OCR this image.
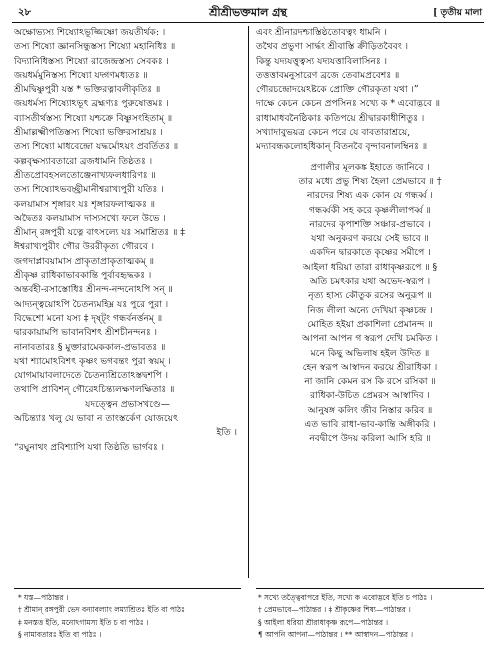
২৮	শ্রীশ্রীভক্তমাল গ্রন্থ	[ তৃতীয় মালা
অক্ষোভ্যস্য শিষ্যোঽভূজ্জিষ্ণো জয়তীর্থক: ।
তস্য শিষ্যো জ্ঞানসিন্ধুস্তস্য শিষ্যো মহানিধিঃ ॥
বিদ্যানিধিস্তস্য শিষ্যো রাজেন্দ্রস্তস্য সেবকঃ ।
জয়ধর্মমুনিস্তস্য শিষ্যো যদ্গণমধ্যতঃ ॥
শ্রীমদ্বিষ্ণুপুরী যস্ত * ভক্তিরত্নাবলীকৃতিঃ ॥
জয়ধর্মস্য শিষ্যোঽভূৎ ব্রহ্মণ্যঃ পুরুষোত্তমঃ ।
ব্যাসতীর্থস্তস্য শিষ্যো যশ্চক্রে বিষ্ণুসংহিতাম্ ॥
শ্রীমাল্লক্ষ্মীপতিস্তস্য শিষ্যো ভক্তিরসাশ্রয়ঃ ।
তস্য শিষ্যো মাধবেন্দ্রো যদ্ধর্মোঽয়ং প্রবর্তিতঃ ॥
কল্পবৃক্ষস্যাবতারো ব্রজধামনি তিষ্ঠতঃ ।
শ্রীতপ্রোবহসলতোঞ্জেনাখ্যফলধারিণঃ ॥
তস্য শিষ্যোঽভবচ্ছ্রীমানীশ্বরাখ্যপুরী যতিঃ ।
কলয়ামাস শৃঙ্গারং যঃ শৃঙ্গারফলাত্মকঃ ॥
অদ্বৈতঃ কলয়ামাস দাস্যসখ্যে ফলে উভে ।
শ্রীমান্ রঙ্গপুরী যত্নে বাৎসল্যে যঃ সমাশ্রিতঃ ॥ ‡
ঈশ্বরাখ্যপুরীং গৌর উররীকৃত্য গৌরবে ।
জগদাপ্লাবয়ামাস প্রাকৃতাপ্রাকৃতাত্মকম্ ॥
শ্রীকৃষ্ণ রাধিকাভাবকান্তি পুর্বাবহৃদ্ধকঃ ।
অন্তর্বহী-রসাস্তোধিঃ শ্রীনন্দ-নন্দনোঽপি সন্ ॥
আদ্যন্ত্বয়োঽপি চৈতন্যমহিম্ন যঃ পুরে পুরা ।
বিদ্ধেশো মনো যস্য ‡ দৃষ্ট্ং গন্ধর্বনর্ত্তনম্ ॥
দ্বারকায়ামপি ভাবানবিশৎ শ্রীশচীনন্দনঃ ।
নানাবতারঃ § মুক্তারামেককাল-প্রভাবতঃ ॥
যথা শ্যামোঽবিশৎ কৃষ্ণং ভগবন্তং পুরা স্বয়ম্ ।
যোগমায়াবলাদেতে চৈতন্যশ্রিতোঽস্তদ্বশপি ।
তথাপি প্রাবিশন্ গৌরেঽচিন্ত্যলক্ষণলক্ষিতাঃ ॥
যদত্ত্বেন প্রভাসখণ্ডে—
অচিন্ত্যাঃ খলু যে ভাবা ন তাংস্তর্কেণ যোজয়েৎ
ইতি ।
“রঘুনাথং প্রবিশ্যাপি যথা তিষ্ঠতি ভার্গবঃ ।
এবং শ্রীনারদশ্চাস্তিষ্ঠতোবত্বং ধামনি ।
তথৈব প্রভুণা সার্দ্ধং শ্রীবাস্তি ক্রীড়িতবৈবং ।
কিন্তু যদ্যযত্তুত্বস্য যদ্যযত্তাবিলাসিনঃ ।
তত্তত্তাবমনুসারেণ ব্রজে তেবামপ্রবেশঃ ॥
গৌরচন্দ্রোদয়েঽষ্টকে প্রোক্তি গৌরকৃতা যথা ।”
দাক্ষে কেচন কেচন প্রপসিনঃ সখ্যে ক * এবোদ্ভবে ॥
রাধামাধবনৈষ্ঠিকাঃ কতিপয়ে শ্রীদ্বারকাধীশিতুঃ ।
সখ্যাদাবুভয়ত্র কেচন পরে যে বাবতারাশ্রয়ে,
মদ্যাবন্ধকলোহধিকান্ বিতনবৈ বৃন্দাবনালম্বিনঃ ॥
প্রণালীর মূলকঙ্ক ইহাতে জানিবে ।
তার মধ্যে প্রভু শিষ্য হৈলা প্রেমভাবে ॥ †
নারদের শিষ্য এক কোন যে গন্ধর্ব্ব ।
গন্ধর্ব্বকী সহ করে কৃষ্ণলীলাপর্ব্ব ॥
নারদের কৃপাশক্তি সঞ্চার-প্রভাবে ।
যথা অনুকরণ করয়ে সেই ভাবে ॥
একদিন দ্বারকাতে কৃষ্ণের সমীপে ।
আইলা ধরিয়া তারা রাধাকৃষ্ণরূপে ॥ §
অতি চমৎকার যথা অভেদ-স্বরূপ ।
নৃত্য হাস্য কৌতুক রসের অনুরূপ ॥
নিজ লীলা অন্যে দেখিয়া কৃষ্ণচন্দ্র ।
মোহিত হইয়া প্রকাশিলা প্রেমানন্দ ॥
আপনা আপন গ স্বরূপ দেখি চমকিত ।
মনে কিছু অভিলাষ হইল উদিত ॥
হেন স্বরূপ আস্বাদন করয়ে শ্রীরাধিকা ।
না জানি কেমন রস কি রসে রসিকা ॥
রাধিকা-উচিত প্রেমরস আস্বাদিব ।
আনুষঙ্গ কলিং জীব নিস্তার করিব ॥
এত ভাবি রাধা-ভাব-কান্তি অঙ্গীকরি ।
নবদ্বীপে উদয় করিলা আসি হরি ॥
* যস্ত—পাঠান্তর ।
† শ্রীমান্ রঙ্গপুরী ভেদ বন্যাবল্যাং লম্যাশ্রিতঃ ইতি বা পাঠঃ
‡ মনস্তত্ত ইতি, মনোঽগামস্য ইতি চ বা পাঠঃ ।
§ নামাবতারঃ ইতি বা পাঠঃ ।
* সখ্যে তত্ত্বৈবাপরে ইতি, সখ্যে ক এবোদ্ভবে ইতি চ পাঠঃ ।
† প্রেমভাবে—পাঠান্তর । ‡ শ্রীকৃষ্ণের শিষ্য—পাঠান্তর ।
§ আইলা ধরিয়া শ্রীরাধাকৃষ্ণ রূপে—পাঠান্তর ।
¶ আপনি আপনা—পাঠান্তর । ** আস্বাদন—পাঠান্তর ।
